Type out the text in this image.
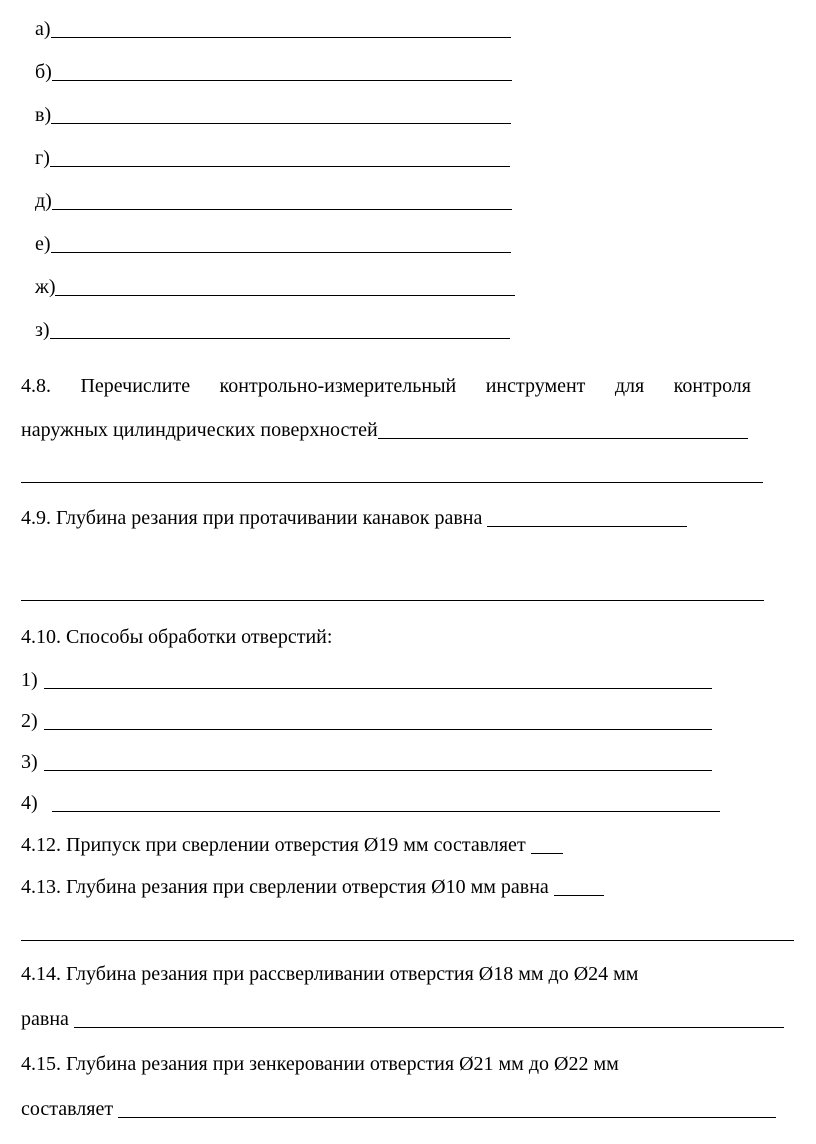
а)
б)
в)
г)
д)
е)
ж)
з)
4.8. Перечислите контрольно-измерительный инструмент для контроля
наружных цилиндрических поверхностей
4.9. Глубина резания при протачивании канавок равна
4.10. Способы обработки отверстий:
1)
2)
3)
4)
4.12. Припуск при сверлении отверстия Ø19 мм составляет
4.13. Глубина резания при сверлении отверстия Ø10 мм равна
4.14. Глубина резания при рассверливании отверстия Ø18 мм до Ø24 мм
равна
4.15. Глубина резания при зенкеровании отверстия Ø21 мм до Ø22 мм
составляет
